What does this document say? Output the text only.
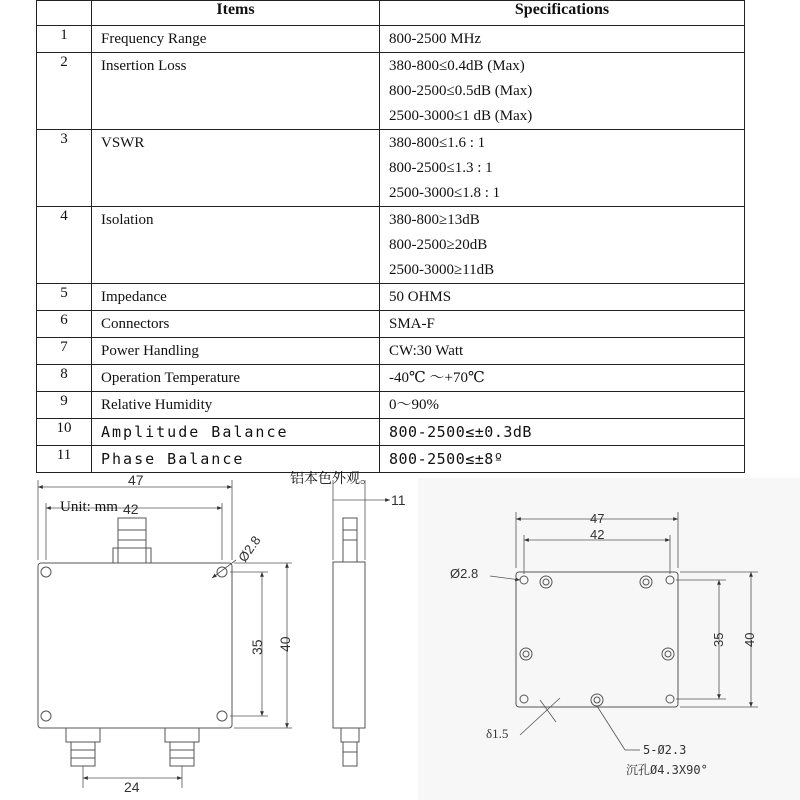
	Items	Specifications
1	Frequency Range	800-2500 MHz

2	Insertion Loss	380-800≤0.4dB (Max)
800-2500≤0.5dB (Max)
2500-3000≤1 dB (Max)

3	VSWR	380-800≤1.6 : 1
800-2500≤1.3 : 1
2500-3000≤1.8 : 1

4	Isolation	380-800≥13dB
800-2500≥20dB
2500-3000≥11dB

5	Impedance	50 OHMS

6	Connectors	SMA-F

7	Power Handling	CW:30 Watt

8	Operation Temperature	-40℃ ～+70℃

9	Relative Humidity	0～90%

10	Amplitude Balance	800-2500≤±0.3dB

11	Phase Balance	800-2500≤±8º
铝本色外观。
Unit: mm
47
42
Ø2.8
35 40
24
11
47
42
Ø2.8
35 40
δ1.5
5-Ø2.3
沉孔Ø4.3X90°
